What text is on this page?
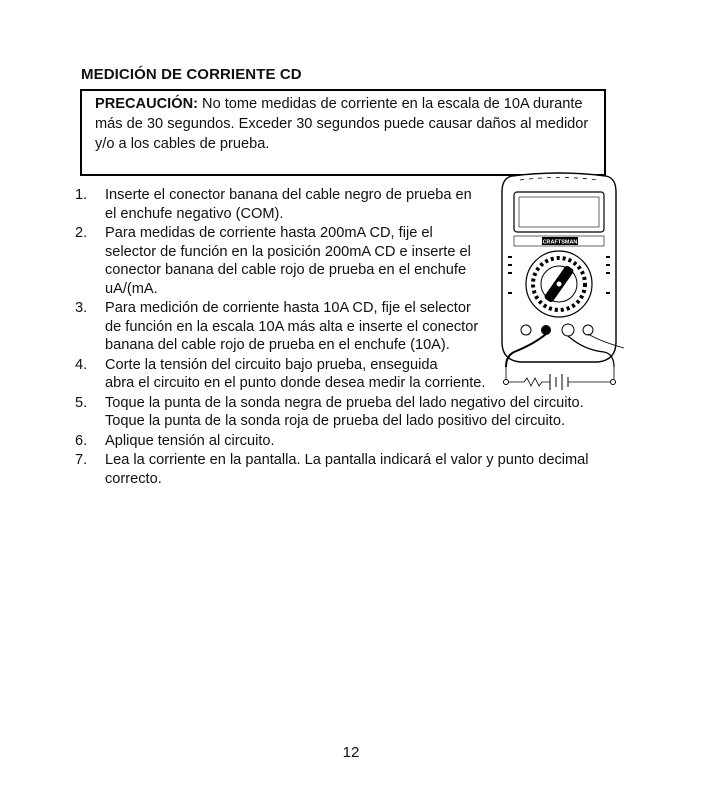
MEDICIÓN DE CORRIENTE CD
PRECAUCIÓN: No tome medidas de corriente en la escala de 10A durante más de 30 segundos. Exceder 30 segundos puede causar daños al medidor y/o a los cables de prueba.
1.	Inserte el conector banana del cable negro de prueba en el enchufe negativo (COM).
2.	Para medidas de corriente hasta 200mA CD, fije el selector de función en la posición 200mA CD e inserte el conector banana del cable rojo de prueba en el enchufe uA/(mA.
3.	Para medición de corriente hasta 10A CD, fije el selector de función en la escala 10A más alta e inserte el conector banana del cable rojo de prueba en el enchufe (10A).
4.	Corte la tensión del circuito bajo prueba, enseguida
abra el circuito en el punto donde desea medir la corriente.
5.	Toque la punta de la sonda negra de prueba del lado negativo del circuito.
Toque la punta de la sonda roja de prueba del lado positivo del circuito.
6.	Aplique tensión al circuito.
7.	Lea la corriente en la pantalla. La pantalla indicará el valor y punto decimal correcto.
CRAFTSMAN
12
